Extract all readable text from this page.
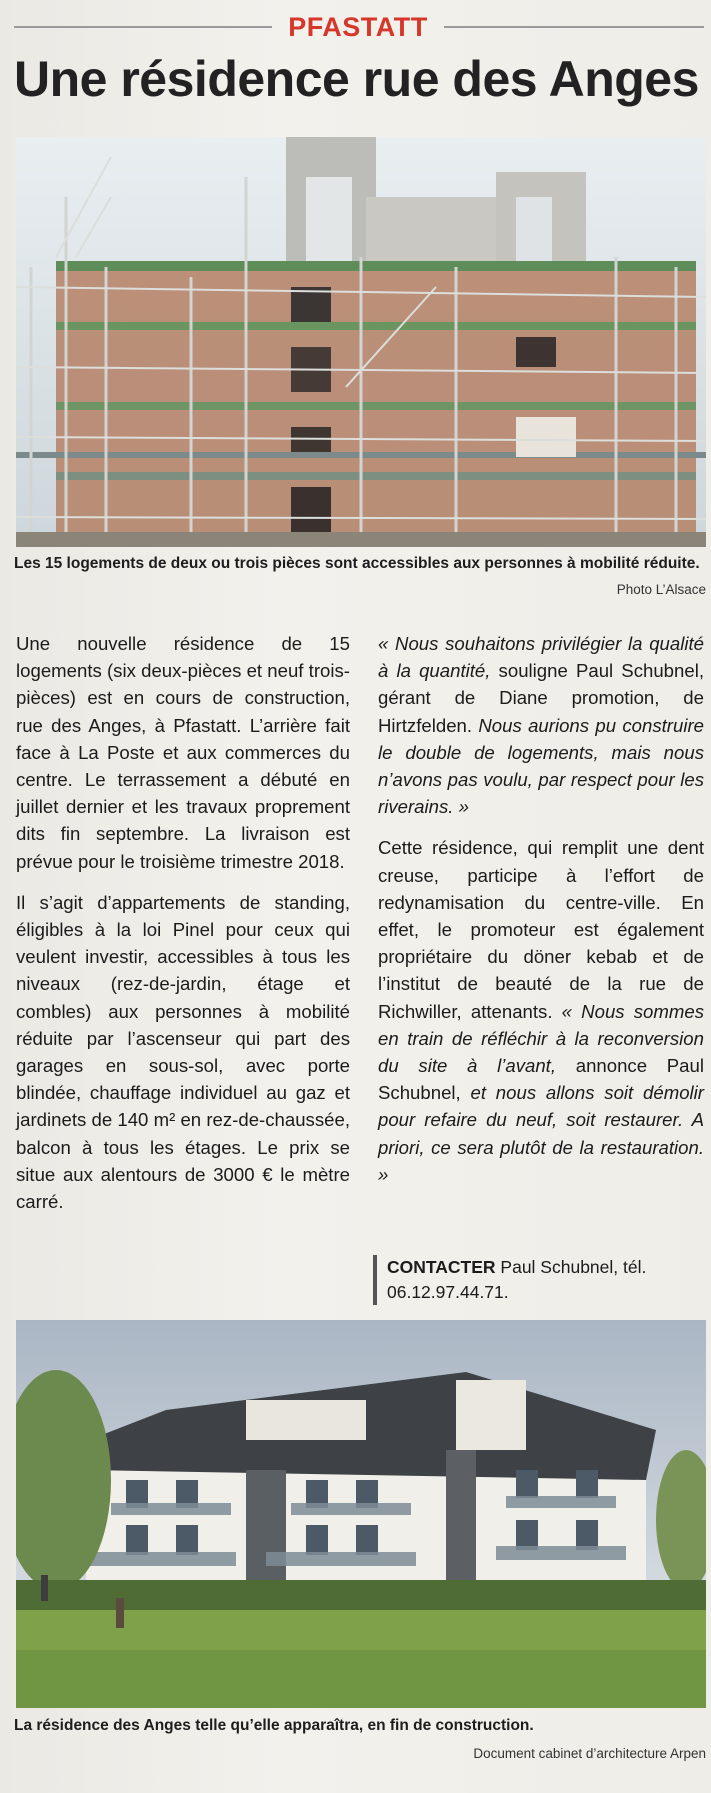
PFASTATT
Une résidence rue des Anges
Les 15 logements de deux ou trois pièces sont accessibles aux personnes à mobilité réduite.
Photo L’Alsace

Une nouvelle résidence de 15 logements (six deux-pièces et neuf trois-pièces) est en cours de construction, rue des Anges, à Pfastatt. L’arrière fait face à La Poste et aux commerces du centre. Le terrassement a débuté en juillet dernier et les travaux proprement dits fin septembre. La livraison est prévue pour le troisième trimestre 2018.

Il s’agit d’appartements de standing, éligibles à la loi Pinel pour ceux qui veulent investir, accessibles à tous les niveaux (rez-de-jardin, étage et combles) aux personnes à mobilité réduite par l’ascenseur qui part des garages en sous-sol, avec porte blindée, chauffage individuel au gaz et jardinets de 140 m² en rez-de-chaussée, balcon à tous les étages. Le prix se situe aux alentours de 3000 € le mètre carré.

« Nous souhaitons privilégier la qualité à la quantité, souligne Paul Schubnel, gérant de Diane promotion, de Hirtzfelden. Nous aurions pu construire le double de logements, mais nous n’avons pas voulu, par respect pour les riverains. »

Cette résidence, qui remplit une dent creuse, participe à l’effort de redynamisation du centre-ville. En effet, le promoteur est également propriétaire du döner kebab et de l’institut de beauté de la rue de Richwiller, attenants. « Nous sommes en train de réfléchir à la reconversion du site à l’avant, annonce Paul Schubnel, et nous allons soit démolir pour refaire du neuf, soit restaurer. A priori, ce sera plutôt de la restauration. »

CONTACTER Paul Schubnel, tél. 06.12.97.44.71.
La résidence des Anges telle qu’elle apparaîtra, en fin de construction.
Document cabinet d’architecture Arpen
